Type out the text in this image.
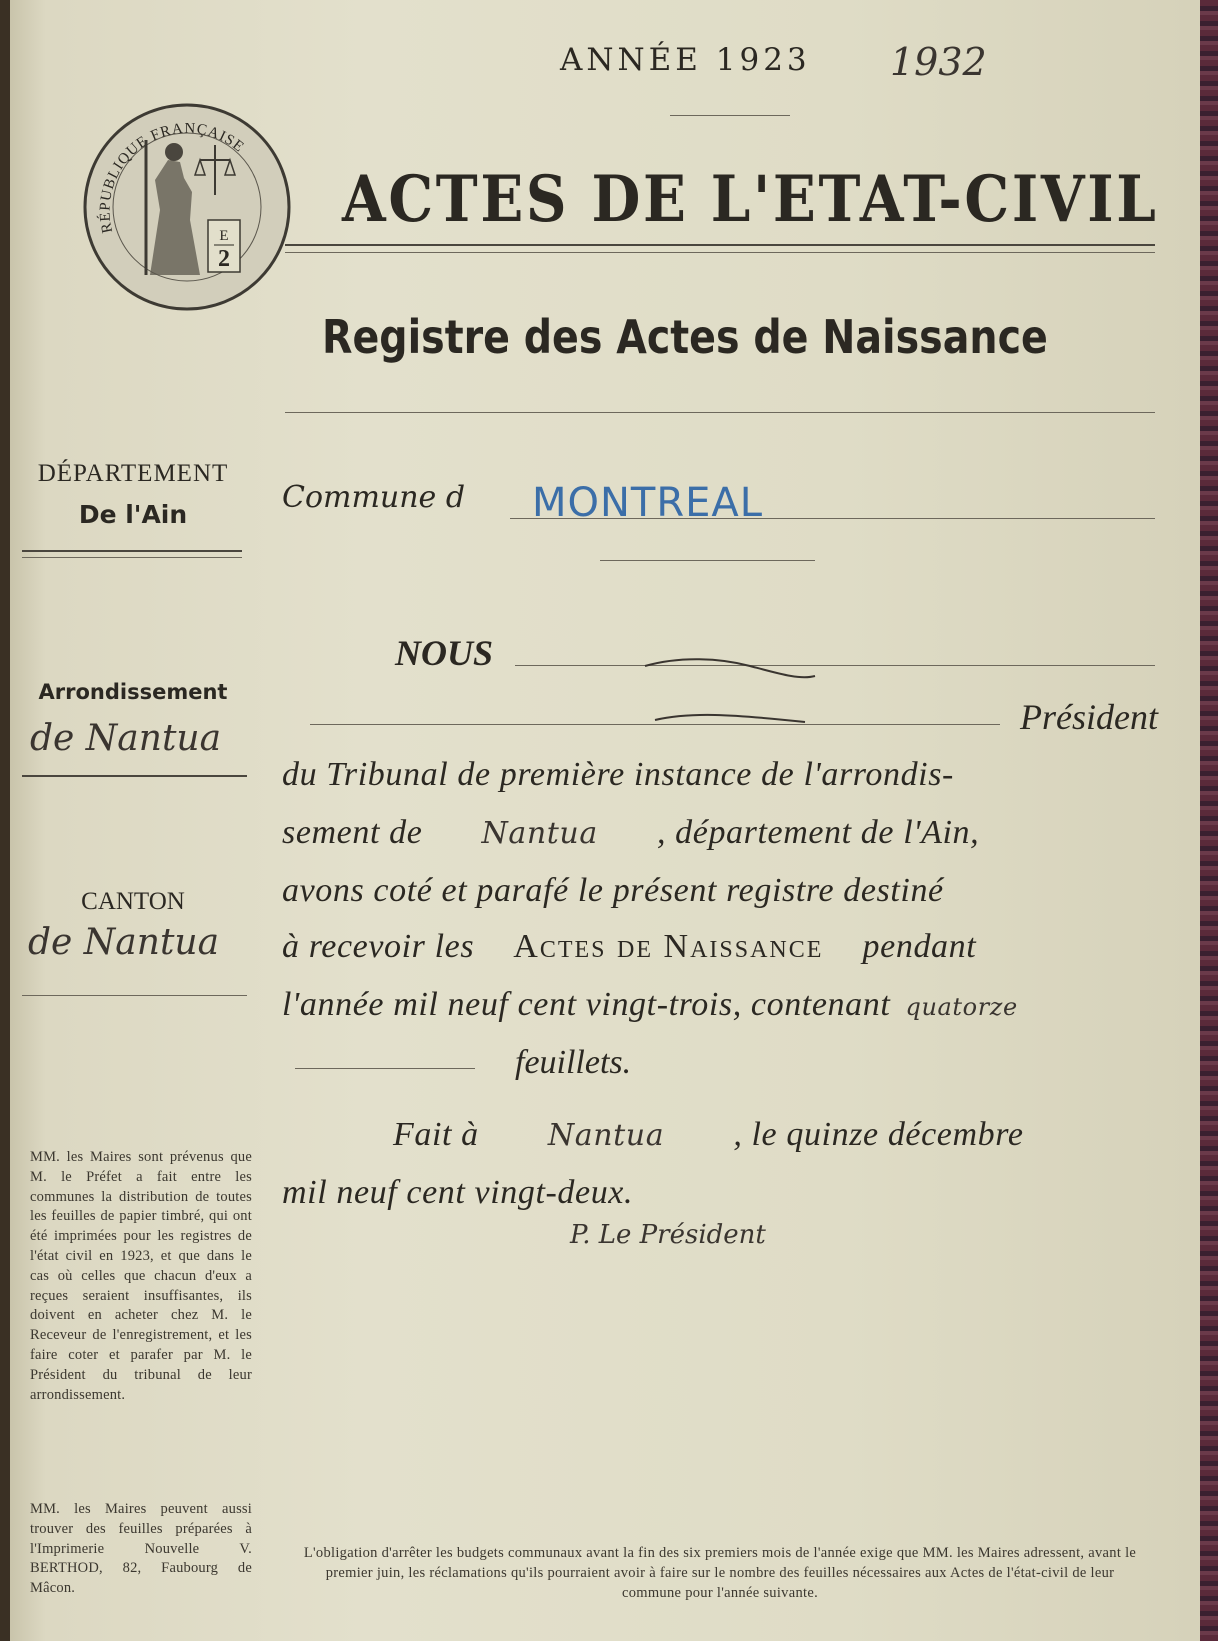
ANNÉE 1923 1932
RÉPUBLIQUE FRANÇAISE
E
2
ACTES DE L'ETAT-CIVIL
Registre des Actes de Naissance
DÉPARTEMENT
De l'Ain
Arrondissement
de Nantua
CANTON
de Nantua
MM. les Maires sont prévenus que M. le Préfet a fait entre les communes la distribution de toutes les feuilles de papier timbré, qui ont été imprimées pour les registres de l'état civil en 1923, et que dans le cas où celles que chacun d'eux a reçues seraient insuffisantes, ils doivent en acheter chez M. le Receveur de l'enregistrement, et les faire coter et parafer par M. le Président du tribunal de leur arrondissement.
MM. les Maires peuvent aussi trouver des feuilles préparées à l'Imprimerie Nouvelle V. BERTHOD, 82, Faubourg de Mâcon.
Commune d MONTREAL
NOUS
Président
du Tribunal de première instance de l'arrondis-
sement de Nantua , département de l'Ain,
avons coté et parafé le présent registre destiné
à recevoir les Actes de Naissance pendant
l'année mil neuf cent vingt-trois, contenant quatorze
feuillets.
Fait à Nantua , le quinze décembre
mil neuf cent vingt-deux.
P. Le Président
L'obligation d'arrêter les budgets communaux avant la fin des six premiers mois de l'année exige que MM. les Maires adressent, avant le premier juin, les réclamations qu'ils pourraient avoir à faire sur le nombre des feuilles nécessaires aux Actes de l'état-civil de leur commune pour l'année suivante.
